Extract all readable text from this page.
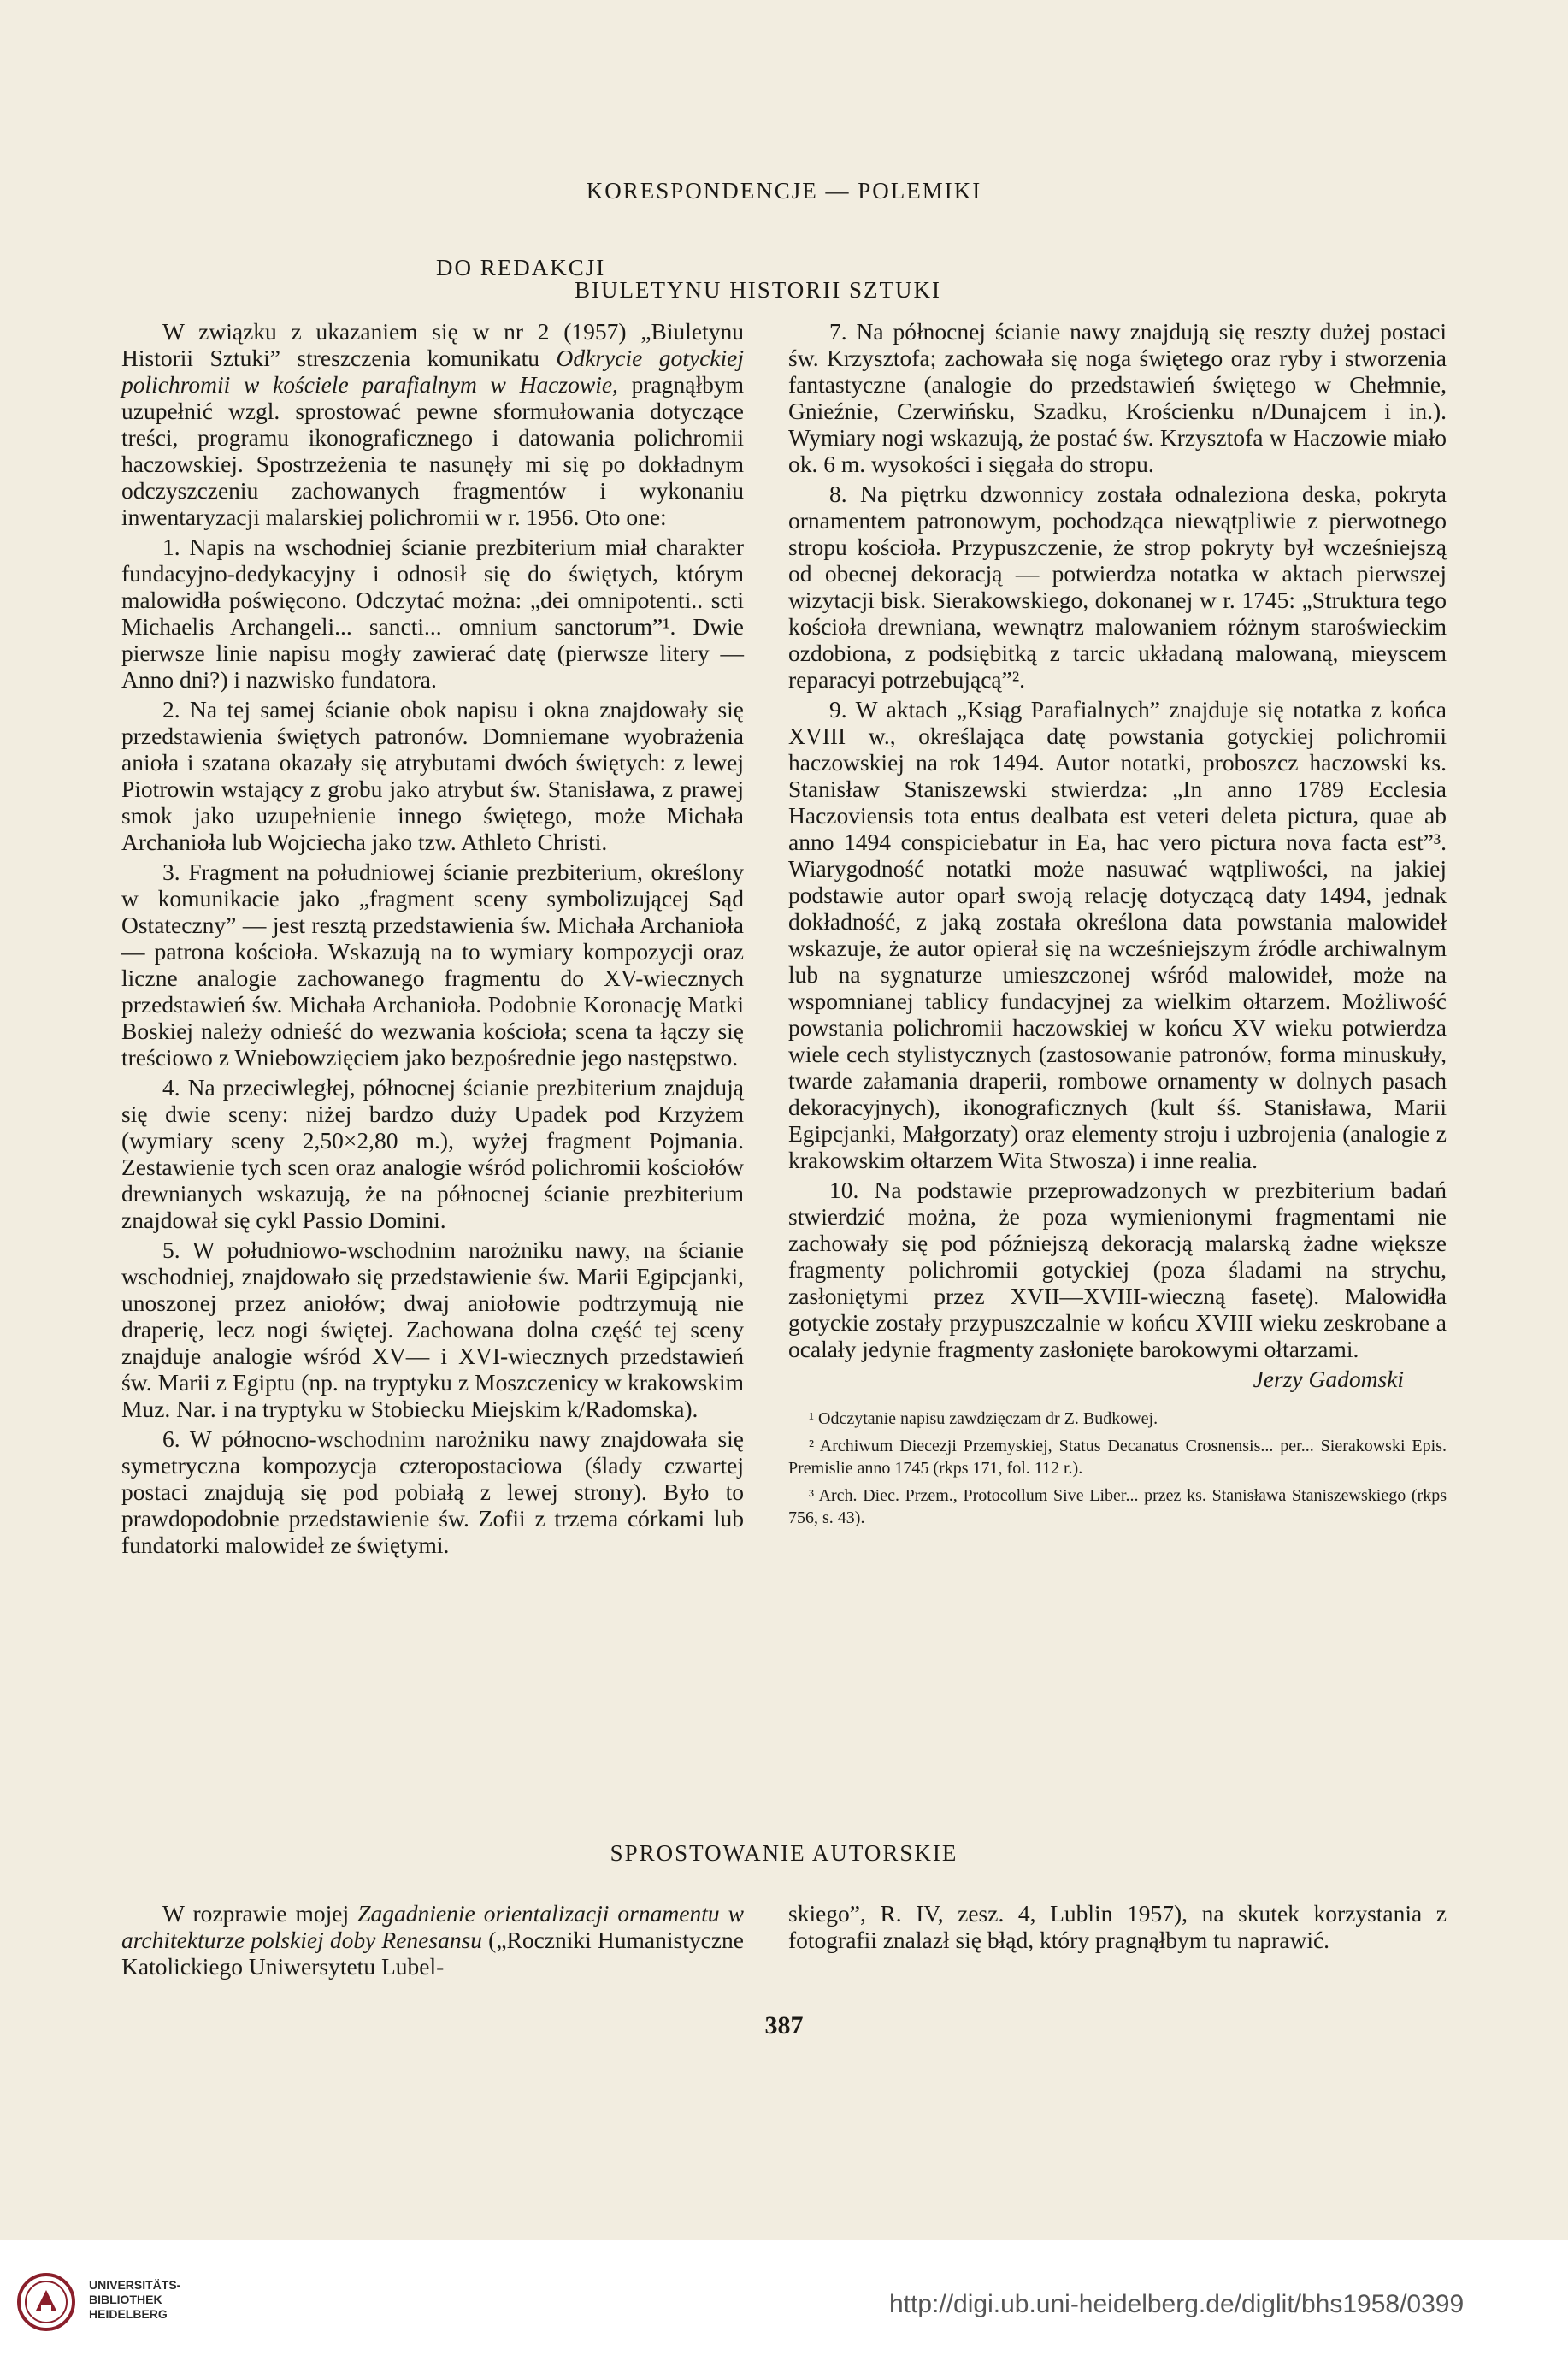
KORESPONDENCJE — POLEMIKI
DO REDAKCJI
BIULETYNU HISTORII SZTUKI

W związku z ukazaniem się w nr 2 (1957) „Biuletynu Historii Sztuki” streszczenia komunikatu Odkrycie gotyckiej polichromii w kościele parafialnym w Haczowie, pragnąłbym uzupełnić wzgl. sprostować pewne sformułowania dotyczące treści, programu ikonograficznego i datowania polichromii haczowskiej. Spostrzeżenia te nasunęły mi się po dokładnym odczyszczeniu zachowanych fragmentów i wykonaniu inwentaryzacji malarskiej polichromii w r. 1956. Oto one:

1. Napis na wschodniej ścianie prezbiterium miał charakter fundacyjno-dedykacyjny i odnosił się do świętych, którym malowidła poświęcono. Odczytać można: „dei omnipotenti.. scti Michaelis Archangeli... sancti... omnium sanctorum”¹. Dwie pierwsze linie napisu mogły zawierać datę (pierwsze litery — Anno dni?) i nazwisko fundatora.

2. Na tej samej ścianie obok napisu i okna znajdowały się przedstawienia świętych patronów. Domniemane wyobrażenia anioła i szatana okazały się atrybutami dwóch świętych: z lewej Piotrowin wstający z grobu jako atrybut św. Stanisława, z prawej smok jako uzupełnienie innego świętego, może Michała Archanioła lub Wojciecha jako tzw. Athleto Christi.

3. Fragment na południowej ścianie prezbiterium, określony w komunikacie jako „fragment sceny symbolizującej Sąd Ostateczny” — jest resztą przedstawienia św. Michała Archanioła — patrona kościoła. Wskazują na to wymiary kompozycji oraz liczne analogie zachowanego fragmentu do XV-wiecznych przedstawień św. Michała Archanioła. Podobnie Koronację Matki Boskiej należy odnieść do wezwania kościoła; scena ta łączy się treściowo z Wniebowzięciem jako bezpośrednie jego następstwo.

4. Na przeciwległej, północnej ścianie prezbiterium znajdują się dwie sceny: niżej bardzo duży Upadek pod Krzyżem (wymiary sceny 2,50×2,80 m.), wyżej fragment Pojmania. Zestawienie tych scen oraz analogie wśród polichromii kościołów drewnianych wskazują, że na północnej ścianie prezbiterium znajdował się cykl Passio Domini.

5. W południowo-wschodnim narożniku nawy, na ścianie wschodniej, znajdowało się przedstawienie św. Marii Egipcjanki, unoszonej przez aniołów; dwaj aniołowie podtrzymują nie draperię, lecz nogi świętej. Zachowana dolna część tej sceny znajduje analogie wśród XV— i XVI-wiecznych przedstawień św. Marii z Egiptu (np. na tryptyku z Moszczenicy w krakowskim Muz. Nar. i na tryptyku w Stobiecku Miejskim k/Radomska).

6. W północno-wschodnim narożniku nawy znajdowała się symetryczna kompozycja czteropostaciowa (ślady czwartej postaci znajdują się pod pobiałą z lewej strony). Było to prawdopodobnie przedstawienie św. Zofii z trzema córkami lub fundatorki malowideł ze świętymi.

7. Na północnej ścianie nawy znajdują się reszty dużej postaci św. Krzysztofa; zachowała się noga świętego oraz ryby i stworzenia fantastyczne (analogie do przedstawień świętego w Chełmnie, Gnieźnie, Czerwińsku, Szadku, Krościenku n/Dunajcem i in.). Wymiary nogi wskazują, że postać św. Krzysztofa w Haczowie miało ok. 6 m. wysokości i sięgała do stropu.

8. Na piętrku dzwonnicy została odnaleziona deska, pokryta ornamentem patronowym, pochodząca niewątpliwie z pierwotnego stropu kościoła. Przypuszczenie, że strop pokryty był wcześniejszą od obecnej dekoracją — potwierdza notatka w aktach pierwszej wizytacji bisk. Sierakowskiego, dokonanej w r. 1745: „Struktura tego kościoła drewniana, wewnątrz malowaniem różnym staroświeckim ozdobiona, z podsiębitką z tarcic układaną malowaną, mieyscem reparacyi potrzebującą”².

9. W aktach „Ksiąg Parafialnych” znajduje się notatka z końca XVIII w., określająca datę powstania gotyckiej polichromii haczowskiej na rok 1494. Autor notatki, proboszcz haczowski ks. Stanisław Staniszewski stwierdza: „In anno 1789 Ecclesia Haczoviensis tota entus dealbata est veteri deleta pictura, quae ab anno 1494 conspiciebatur in Ea, hac vero pictura nova facta est”³. Wiarygodność notatki może nasuwać wątpliwości, na jakiej podstawie autor oparł swoją relację dotyczącą daty 1494, jednak dokładność, z jaką została określona data powstania malowideł wskazuje, że autor opierał się na wcześniejszym źródle archiwalnym lub na sygnaturze umieszczonej wśród malowideł, może na wspomnianej tablicy fundacyjnej za wielkim ołtarzem. Możliwość powstania polichromii haczowskiej w końcu XV wieku potwierdza wiele cech stylistycznych (zastosowanie patronów, forma minuskuły, twarde załamania draperii, rombowe ornamenty w dolnych pasach dekoracyjnych), ikonograficznych (kult śś. Stanisława, Marii Egipcjanki, Małgorzaty) oraz elementy stroju i uzbrojenia (analogie z krakowskim ołtarzem Wita Stwosza) i inne realia.

10. Na podstawie przeprowadzonych w prezbiterium badań stwierdzić można, że poza wymienionymi fragmentami nie zachowały się pod późniejszą dekoracją malarską żadne większe fragmenty polichromii gotyckiej (poza śladami na strychu, zasłoniętymi przez XVII—XVIII-wieczną fasetę). Malowidła gotyckie zostały przypuszczalnie w końcu XVIII wieku zeskrobane a ocalały jedynie fragmenty zasłonięte barokowymi ołtarzami.

Jerzy Gadomski

¹ Odczytanie napisu zawdzięczam dr Z. Budkowej.

² Archiwum Diecezji Przemyskiej, Status Decanatus Crosnensis... per... Sierakowski Epis. Premislie anno 1745 (rkps 171, fol. 112 r.).

³ Arch. Diec. Przem., Protocollum Sive Liber... przez ks. Stanisława Staniszewskiego (rkps 756, s. 43).

SPROSTOWANIE AUTORSKIE

W rozprawie mojej Zagadnienie orientalizacji ornamentu w architekturze polskiej doby Renesansu („Roczniki Humanistyczne Katolickiego Uniwersytetu Lubel-

skiego”, R. IV, zesz. 4, Lublin 1957), na skutek korzystania z fotografii znalazł się błąd, który pragnąłbym tu naprawić.

387
UNIVERSITÄTS-
BIBLIOTHEK
HEIDELBERG	http://digi.ub.uni-heidelberg.de/diglit/bhs1958/0399
